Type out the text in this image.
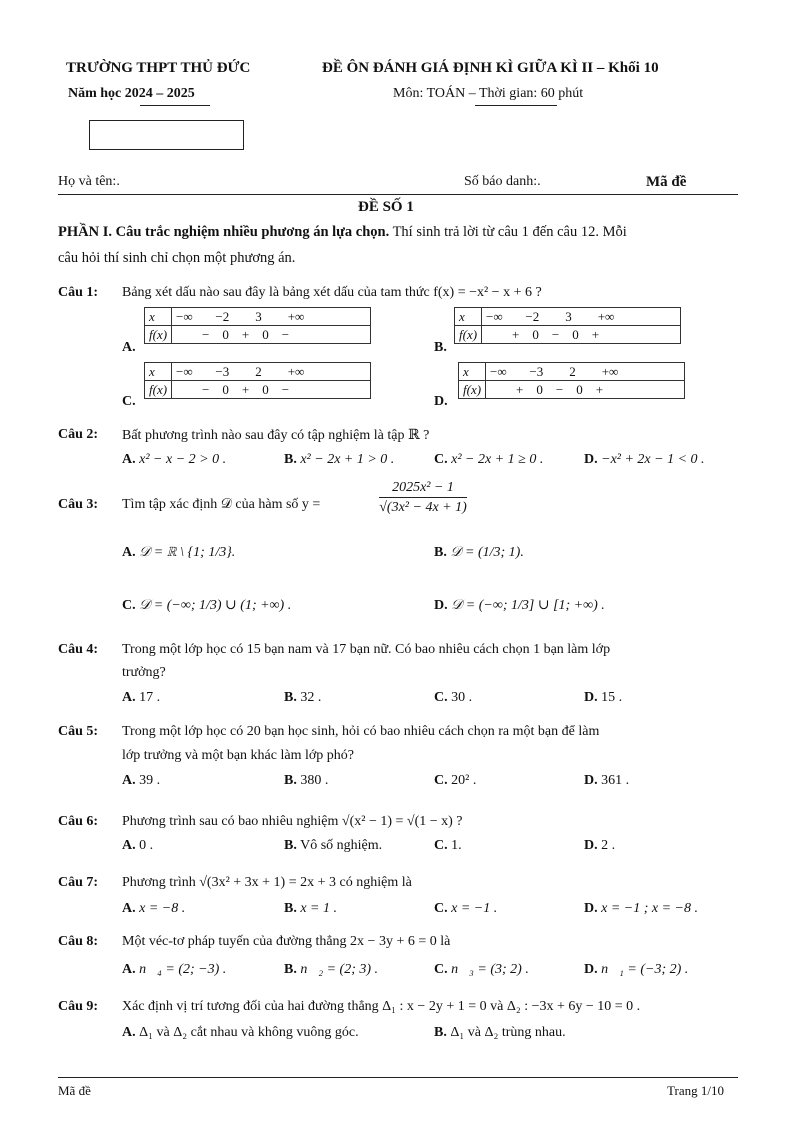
TRƯỜNG THPT THỦ ĐỨC	ĐỀ ÔN ĐÁNH GIÁ ĐỊNH KÌ GIỮA KÌ II – Khối 10
Năm học 2024 – 2025	Môn: TOÁN – Thời gian: 60 phút
Họ và tên:.	Số báo danh:.	Mã đề
ĐỀ SỐ 1
PHẦN I. Câu trắc nghiệm nhiều phương án lựa chọn. Thí sinh trả lời từ câu 1 đến câu 12. Mỗi
câu hỏi thí sinh chỉ chọn một phương án.
Câu 1: Bảng xét dấu nào sau đây là bảng xét dấu của tam thức f(x) = −x² − x + 6 ?
A.
x	−∞       −2        3        +∞
f(x)	−    0    +    0    −
B.
x	−∞       −2        3        +∞
f(x)	+    0    −    0    +
C.
x	−∞       −3        2        +∞
f(x)	−    0    +    0    −
D.
x	−∞       −3        2        +∞
f(x)	+    0    −    0    +
Câu 2: Bất phương trình nào sau đây có tập nghiệm là tập ℝ ?
A. x² − x − 2 > 0 .	B. x² − 2x + 1 > 0 .	C. x² − 2x + 1 ≥ 0 .	D. −x² + 2x − 1 < 0 .
Câu 3: Tìm tập xác định 𝒟 của hàm số y =	$\frac{\text{2025x² − 1}}{\text{√(3x² − 4x + 1)}}$
A. 𝒟 = ℝ \ {1; 1/3}.	B. 𝒟 = (1/3; 1).
C. 𝒟 = (−∞; 1/3) ∪ (1; +∞) .	D. 𝒟 = (−∞; 1/3] ∪ [1; +∞) .
Câu 4: Trong một lớp học có 15 bạn nam và 17 bạn nữ. Có bao nhiêu cách chọn 1 bạn làm lớp
trưởng?
A. 17 .	B. 32 .	C. 30 .	D. 15 .
Câu 5: Trong một lớp học có 20 bạn học sinh, hỏi có bao nhiêu cách chọn ra một bạn để làm
lớp trưởng và một bạn khác làm lớp phó?
A. 39 .	B. 380 .	C. 20² .	D. 361 .
Câu 6: Phương trình sau có bao nhiêu nghiệm √(x² − 1) = √(1 − x) ?
A. 0 .	B. Vô số nghiệm.	C. 1.	D. 2 .
Câu 7: Phương trình √(3x² + 3x + 1) = 2x + 3 có nghiệm là
A. x = −8 .	B. x = 1 .	C. x = −1 .	D. x = −1 ; x = −8 .
Câu 8: Một véc-tơ pháp tuyến của đường thẳng 2x − 3y + 6 = 0 là
A. n⃗₄ = (2; −3) .	B. n⃗₂ = (2; 3) .	C. n⃗₃ = (3; 2) .	D. n⃗₁ = (−3; 2) .
Câu 9: Xác định vị trí tương đối của hai đường thẳng Δ₁ : x − 2y + 1 = 0 và Δ₂ : −3x + 6y − 10 = 0 .
A. Δ₁ và Δ₂ cắt nhau và không vuông góc.	B. Δ₁ và Δ₂ trùng nhau.
Mã đề	Trang 1/10
